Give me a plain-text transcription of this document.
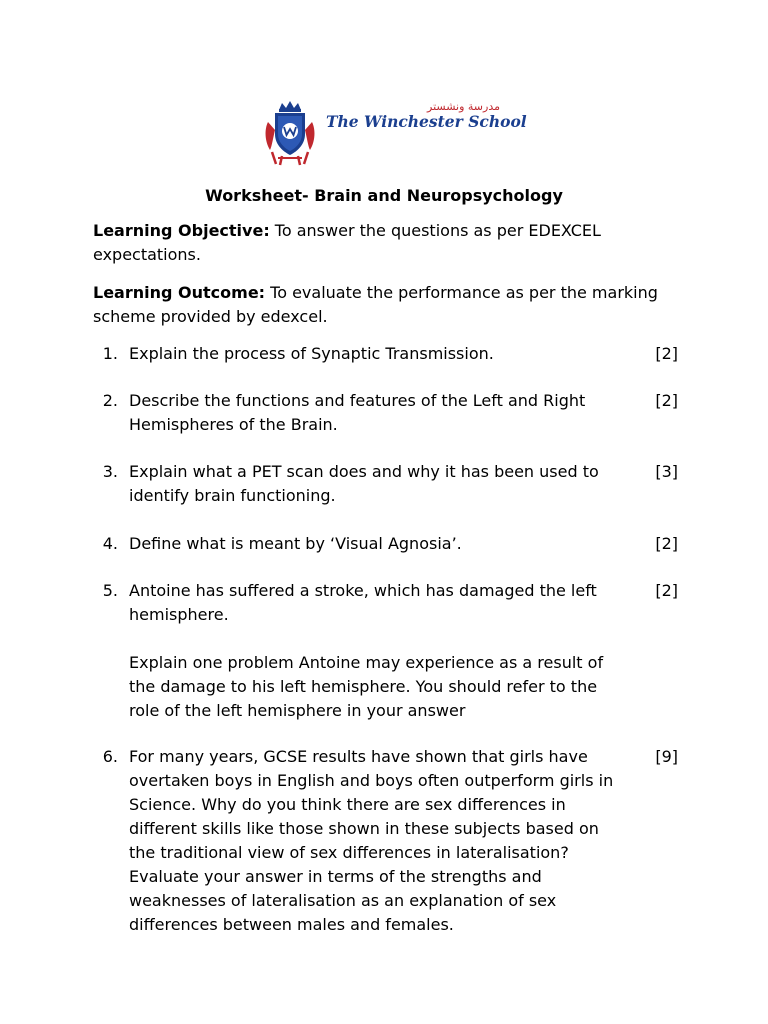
مدرسة ونشستر
The Winchester School
Worksheet- Brain and Neuropsychology
Learning Objective: To answer the questions as per EDEXCEL expectations.
Learning Outcome: To evaluate the performance as per the marking scheme provided by edexcel.
1. Explain the process of Synaptic Transmission.	[2]
2. Describe the functions and features of the Left and Right Hemispheres of the Brain.

[2]
3. Explain what a PET scan does and why it has been used to identify brain functioning.

[3]
4. Define what is meant by ‘Visual Agnosia’.	[2]
5. Antoine has suffered a stroke, which has damaged the left hemisphere.

Explain one problem Antoine may experience as a result of the damage to his left hemisphere. You should refer to the role of the left hemisphere in your answer

[2]
6. For many years, GCSE results have shown that girls have overtaken boys in English and boys often outperform girls in Science. Why do you think there are sex differences in different skills like those shown in these subjects based on the traditional view of sex differences in lateralisation? Evaluate your answer in terms of the strengths and weaknesses of lateralisation as an explanation of sex differences between males and females.

[9]
